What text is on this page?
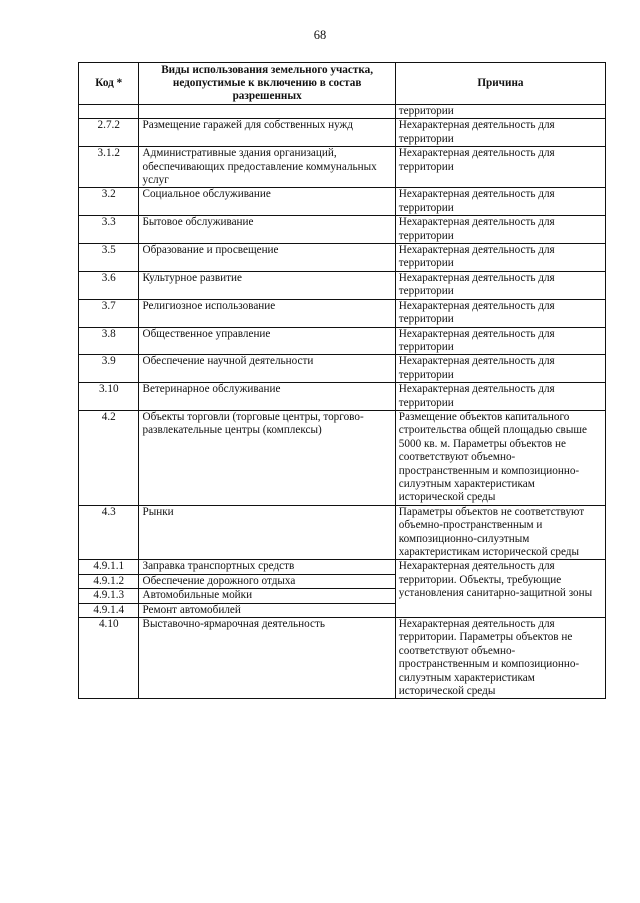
68
Код *	Виды использования земельного участка, недопустимые к включению в состав разрешенных	Причина
		территории
2.7.2	Размещение гаражей для собственных нужд	Нехарактерная деятельность для территории
3.1.2	Административные здания организаций, обеспечивающих предоставление коммунальных услуг	Нехарактерная деятельность для территории
3.2	Социальное обслуживание	Нехарактерная деятельность для территории
3.3	Бытовое обслуживание	Нехарактерная деятельность для территории
3.5	Образование и просвещение	Нехарактерная деятельность для территории
3.6	Культурное развитие	Нехарактерная деятельность для территории
3.7	Религиозное использование	Нехарактерная деятельность для территории
3.8	Общественное управление	Нехарактерная деятельность для территории
3.9	Обеспечение научной деятельности	Нехарактерная деятельность для территории
3.10	Ветеринарное обслуживание	Нехарактерная деятельность для территории
4.2	Объекты торговли (торговые центры, торгово-развлекательные центры (комплексы)	Размещение объектов капитального строительства общей площадью свыше 5000 кв. м. Параметры объектов не соответствуют объемно-пространственным и композиционно-силуэтным характеристикам исторической среды
4.3	Рынки	Параметры объектов не соответствуют объемно-пространственным и композиционно-силуэтным характеристикам исторической среды
4.9.1.1	Заправка транспортных средств	Нехарактерная деятельность для территории. Объекты, требующие установления санитарно-защитной зоны
4.9.1.2	Обеспечение дорожного отдыха	
4.9.1.3	Автомобильные мойки	
4.9.1.4	Ремонт автомобилей	
4.10	Выставочно-ярмарочная деятельность	Нехарактерная деятельность для территории. Параметры объектов не соответствуют объемно-пространственным и композиционно-силуэтным характеристикам исторической среды
